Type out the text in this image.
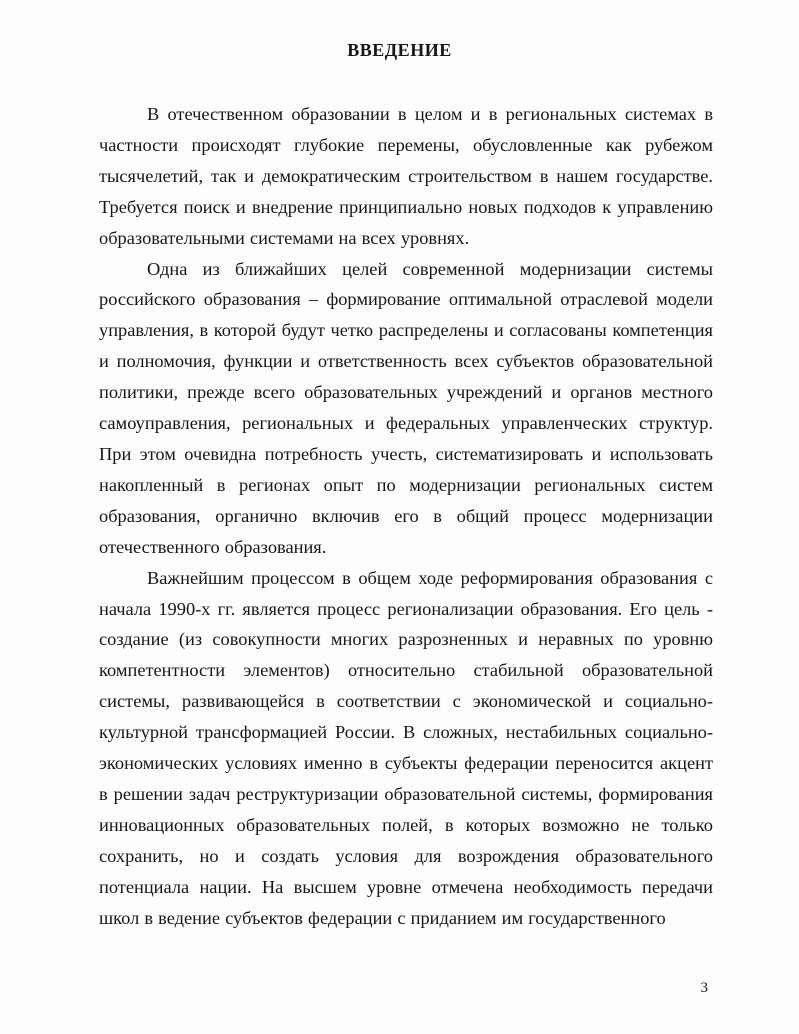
ВВЕДЕНИЕ

В отечественном образовании в целом и в региональных системах в частности происходят глубокие перемены, обусловленные как рубежом тысячелетий, так и демократическим строительством в нашем государстве. Требуется поиск и внедрение принципиально новых подходов к управлению образовательными системами на всех уровнях.

Одна из ближайших целей современной модернизации системы российского образования – формирование оптимальной отраслевой модели управления, в которой будут четко распределены и согласованы компетенция и полномочия, функции и ответственность всех субъектов образовательной политики, прежде всего образовательных учреждений и органов местного самоуправления, региональных и федеральных управленческих структур. При этом очевидна потребность учесть, систематизировать и использовать накопленный в регионах опыт по модернизации региональных систем образования, органично включив его в общий процесс модернизации отечественного образования.

Важнейшим процессом в общем ходе реформирования образования с начала 1990-х гг. является процесс регионализации образования. Его цель - создание (из совокупности многих разрозненных и неравных по уровню компетентности элементов) относительно стабильной образовательной системы, развивающейся в соответствии с экономической и социально-культурной трансформацией России. В сложных, нестабильных социально-экономических условиях именно в субъекты федерации переносится акцент в решении задач реструктуризации образовательной системы, формирования инновационных образовательных полей, в которых возможно не только сохранить, но и создать условия для возрождения образовательного потенциала нации. На высшем уровне отмечена необходимость передачи школ в ведение субъектов федерации с приданием им государственного

3
